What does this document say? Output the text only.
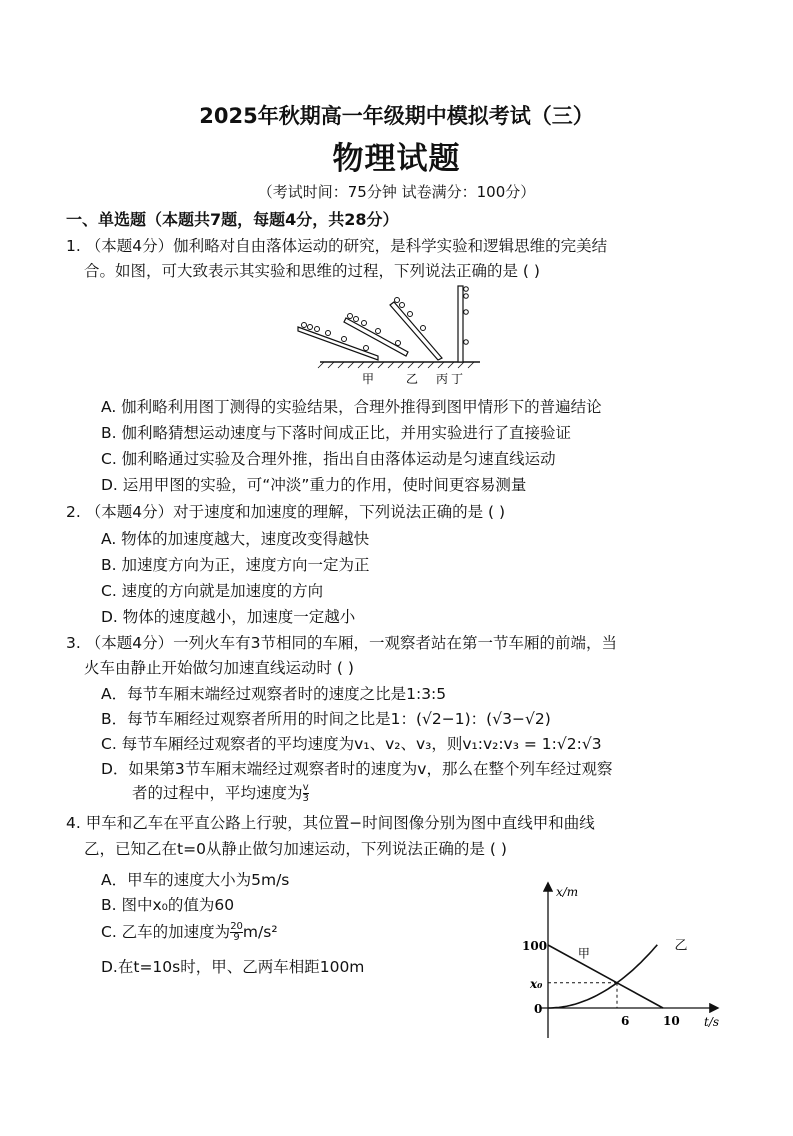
2025年秋期高一年级期中模拟考试（三）
物理试题
（考试时间：75分钟 试卷满分：100分）
一、单选题（本题共7题，每题4分，共28分）
1. （本题4分）伽利略对自由落体运动的研究，是科学实验和逻辑思维的完美结
合。如图，可大致表示其实验和思维的过程，下列说法正确的是 ( )
甲	乙 丙 丁
A. 伽利略利用图丁测得的实验结果，合理外推得到图甲情形下的普遍结论
B. 伽利略猜想运动速度与下落时间成正比，并用实验进行了直接验证
C. 伽利略通过实验及合理外推，指出自由落体运动是匀速直线运动
D. 运用甲图的实验，可“冲淡”重力的作用，使时间更容易测量
2. （本题4分）对于速度和加速度的理解，下列说法正确的是 ( )
A. 物体的加速度越大，速度改变得越快
B. 加速度方向为正，速度方向一定为正
C. 速度的方向就是加速度的方向
D. 物体的速度越小，加速度一定越小
3. （本题4分）一列火车有3节相同的车厢，一观察者站在第一节车厢的前端，当
火车由静止开始做匀加速直线运动时 ( )
A．每节车厢末端经过观察者时的速度之比是1:3:5
B．每节车厢经过观察者所用的时间之比是1：(√2−1)：(√3−√2)
C. 每节车厢经过观察者的平均速度为v₁、v₂、v₃，则v₁:v₂:v₃ = 1:√2:√3
D．如果第3节车厢末端经过观察者时的速度为v，那么在整个列车经过观察
者的过程中，平均速度为 $\frac{v}{3}$
4. 甲车和乙车在平直公路上行驶，其位置−时间图像分别为图中直线甲和曲线
乙，已知乙在t=0从静止做匀加速运动，下列说法正确的是 ( )
A．甲车的速度大小为5m/s
B. 图中x₀的值为60
C. 乙车的加速度为 $\frac{20}{9} m/s^2$
D.在t=10s时，甲、乙两车相距100m
x/m
t/s
100
x₀
0
6	10
甲
乙
